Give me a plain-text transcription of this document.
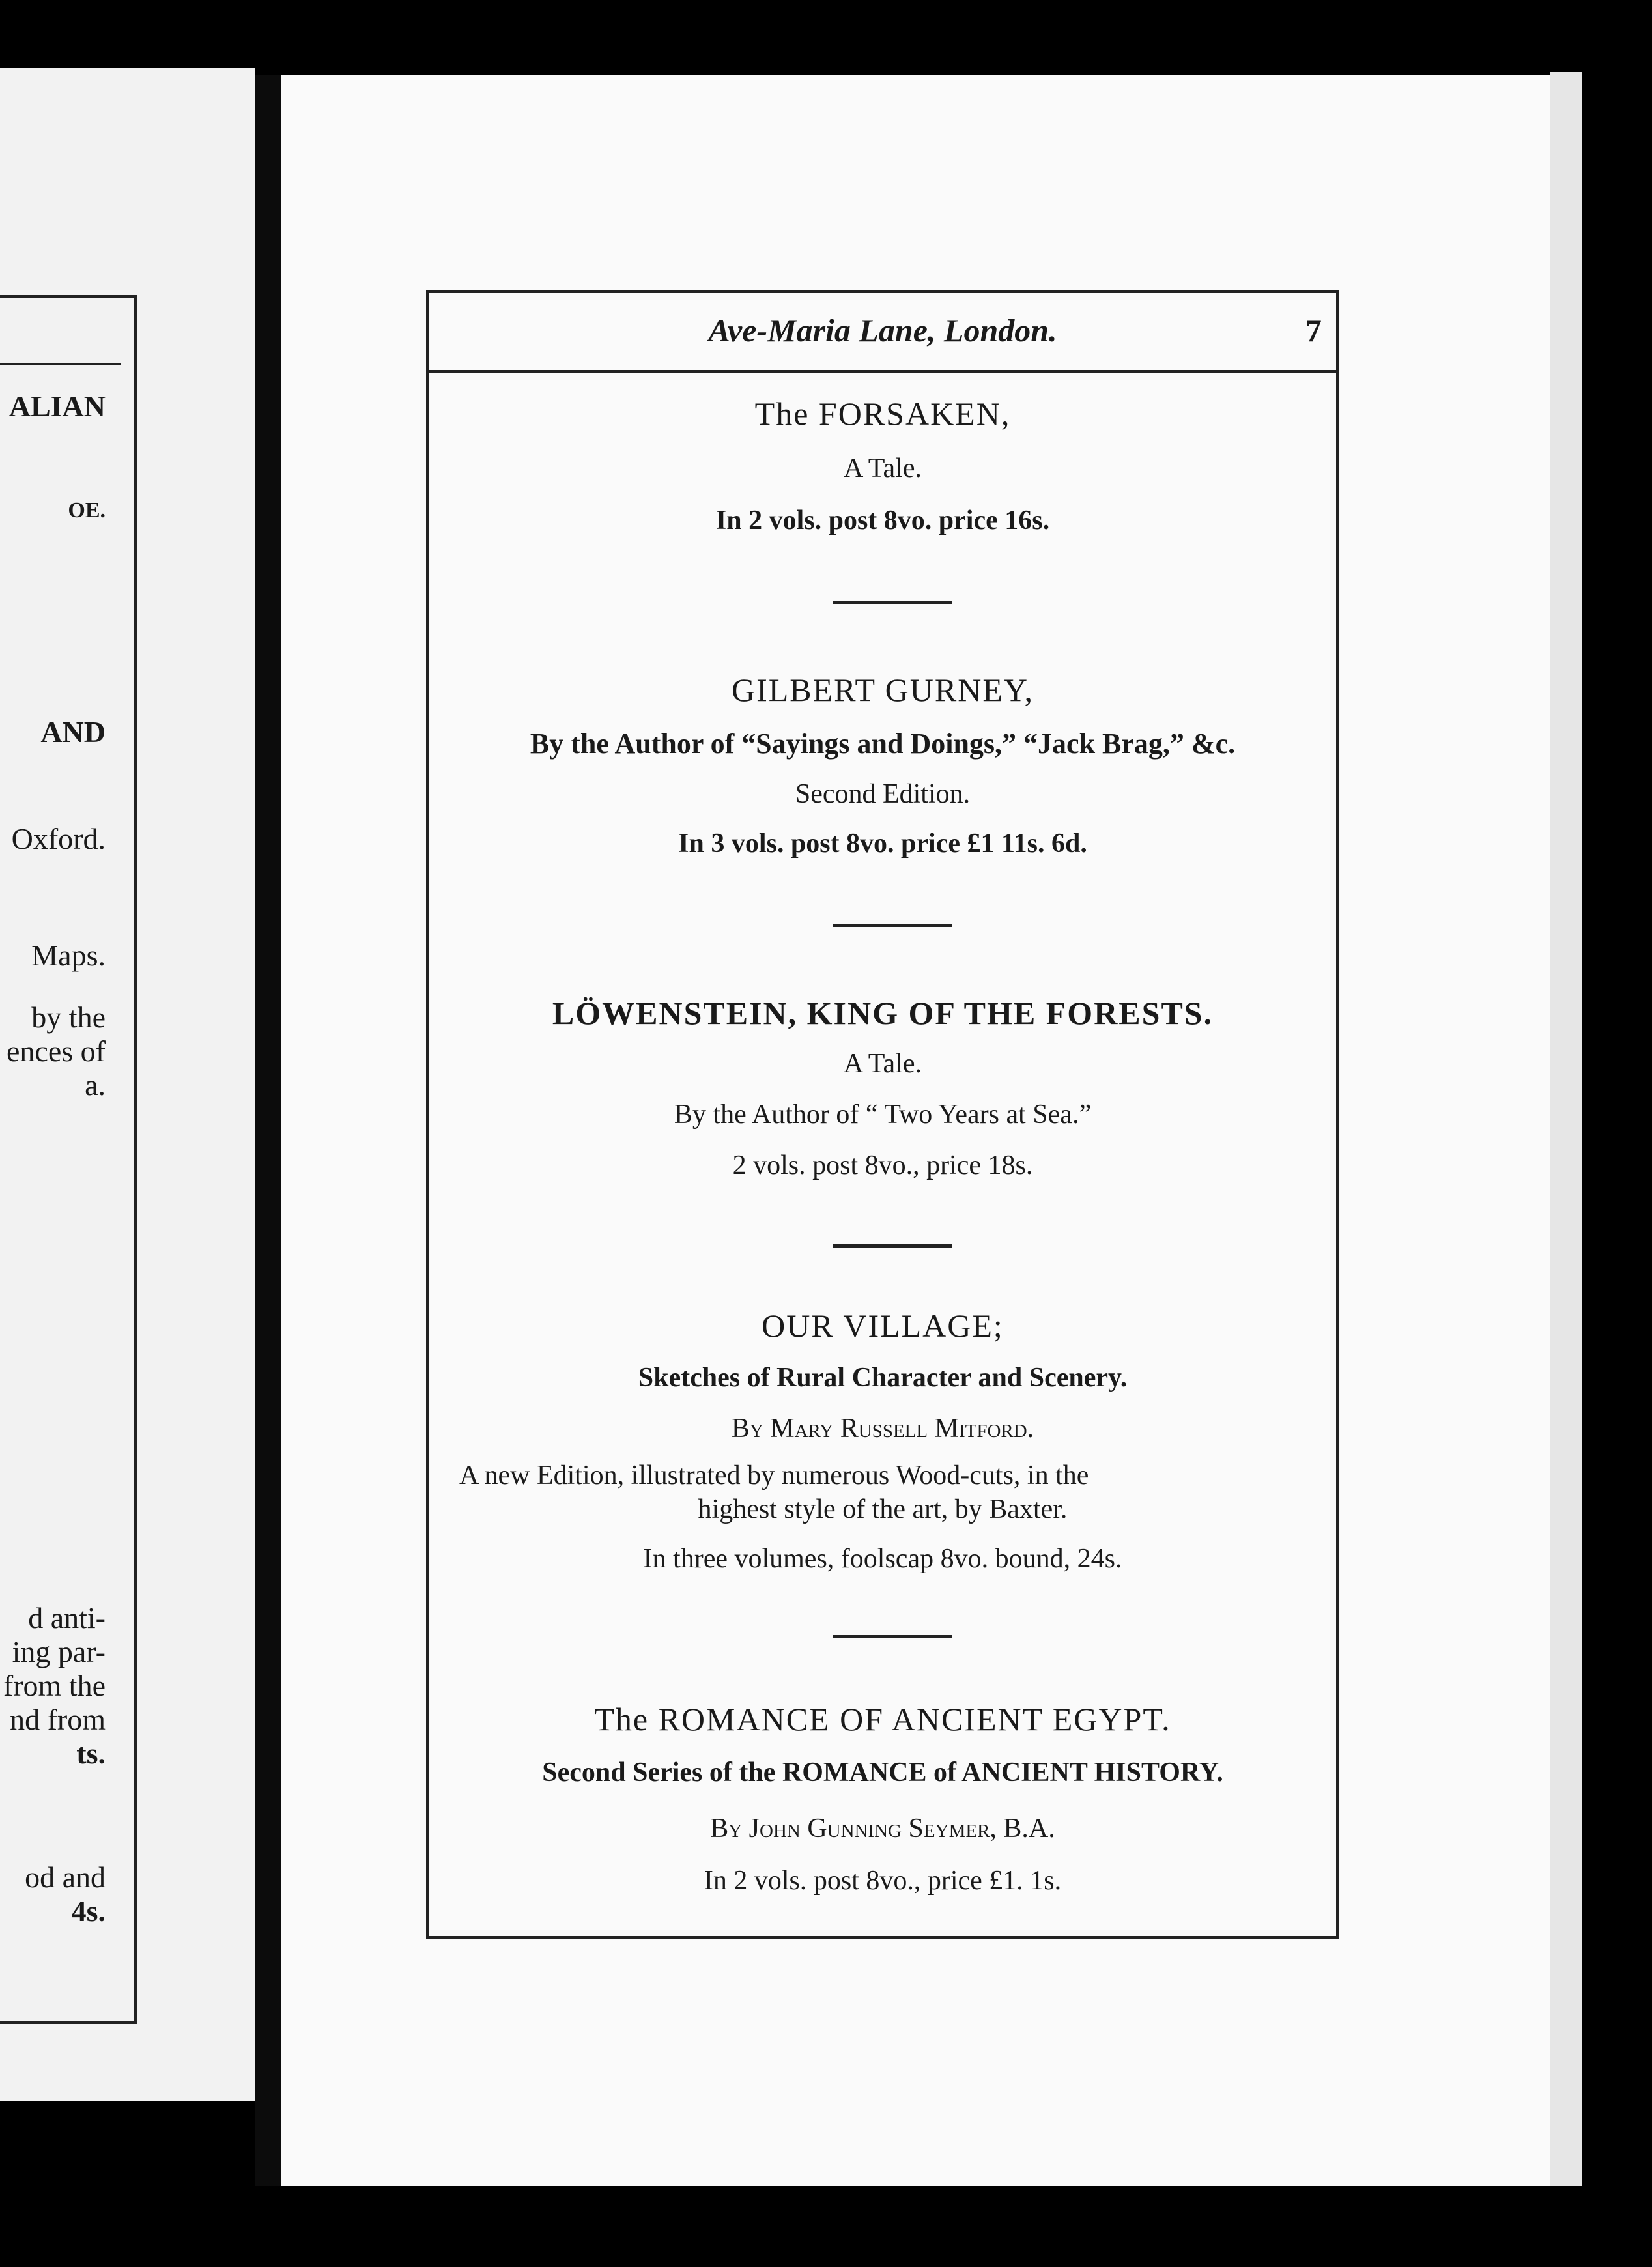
ALIAN
OE.
AND
Oxford.
Maps.
by the
ences of
a.
d anti-
ing par-
from the
nd from
ts.
od and
4s.
Ave-Maria Lane, London.	7
The FORSAKEN,
A Tale.
In 2 vols. post 8vo. price 16s.
GILBERT GURNEY,
By the Author of “Sayings and Doings,” “Jack Brag,” &c.
Second Edition.
In 3 vols. post 8vo. price £1 11s. 6d.
LÖWENSTEIN, KING OF THE FORESTS.
A Tale.
By the Author of “ Two Years at Sea.”
2 vols. post 8vo., price 18s.
OUR VILLAGE;
Sketches of Rural Character and Scenery.
By Mary Russell Mitford.
A new Edition, illustrated by numerous Wood-cuts, in the
highest style of the art, by Baxter.
In three volumes, foolscap 8vo. bound, 24s.
The ROMANCE OF ANCIENT EGYPT.
Second Series of the ROMANCE of ANCIENT HISTORY.
By John Gunning Seymer, B.A.
In 2 vols. post 8vo., price £1. 1s.
